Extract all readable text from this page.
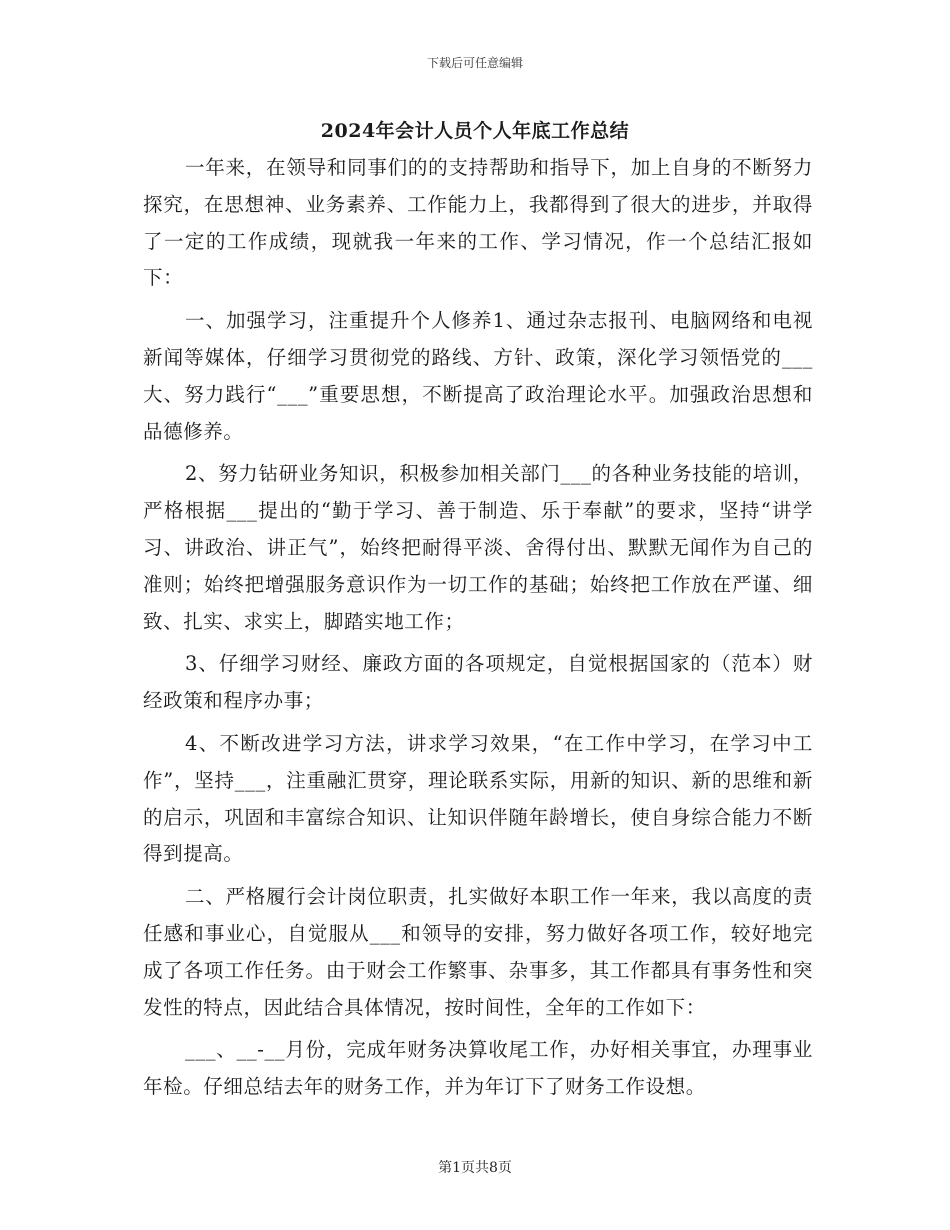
下载后可任意编辑
2024年会计人员个人年底工作总结

一年来，在领导和同事们的的支持帮助和指导下，加上自身的不断努力探究，在思想神、业务素养、工作能力上，我都得到了很大的进步，并取得了一定的工作成绩，现就我一年来的工作、学习情况，作一个总结汇报如下：

一、加强学习，注重提升个人修养1、通过杂志报刊、电脑网络和电视新闻等媒体，仔细学习贯彻党的路线、方针、政策，深化学习领悟党的___大、努力践行“___”重要思想，不断提高了政治理论水平。加强政治思想和品德修养。

2、努力钻研业务知识，积极参加相关部门___的各种业务技能的培训，严格根据___提出的“勤于学习、善于制造、乐于奉献”的要求，坚持“讲学习、讲政治、讲正气”，始终把耐得平淡、舍得付出、默默无闻作为自己的准则；始终把增强服务意识作为一切工作的基础；始终把工作放在严谨、细致、扎实、求实上，脚踏实地工作；

3、仔细学习财经、廉政方面的各项规定，自觉根据国家的（范本）财经政策和程序办事；

4、不断改进学习方法，讲求学习效果，“在工作中学习，在学习中工作”，坚持___，注重融汇贯穿，理论联系实际，用新的知识、新的思维和新的启示，巩固和丰富综合知识、让知识伴随年龄增长，使自身综合能力不断得到提高。

二、严格履行会计岗位职责，扎实做好本职工作一年来，我以高度的责任感和事业心，自觉服从___和领导的安排，努力做好各项工作，较好地完成了各项工作任务。由于财会工作繁事、杂事多，其工作都具有事务性和突发性的特点，因此结合具体情况，按时间性，全年的工作如下：

___、__-__月份，完成年财务决算收尾工作，办好相关事宜，办理事业年检。仔细总结去年的财务工作，并为年订下了财务工作设想。

第1页共8页
